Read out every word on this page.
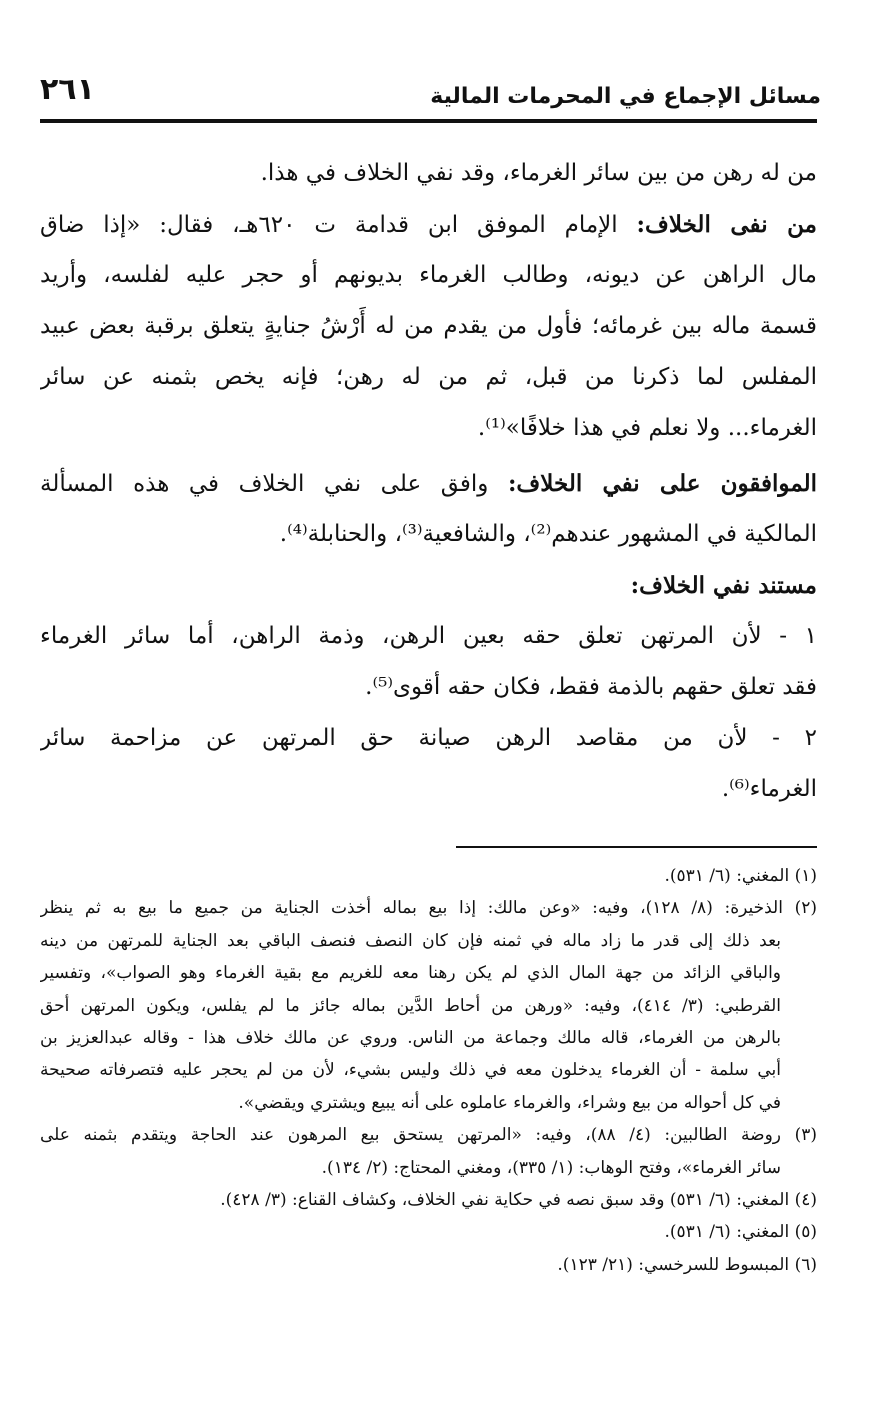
مسائل الإجماع في المحرمات المالية
٢٦١
من له رهن من بين سائر الغرماء، وقد نفي الخلاف في هذا.
من نفى الخلاف: الإمام الموفق ابن قدامة ت ٦٢٠هـ، فقال: «إذا ضاق
مال الراهن عن ديونه، وطالب الغرماء بديونهم أو حجر عليه لفلسه، وأريد
قسمة ماله بين غرمائه؛ فأول من يقدم من له أَرْشُ جنايةٍ يتعلق برقبة بعض عبيد
المفلس لما ذكرنا من قبل، ثم من له رهن؛ فإنه يخص بثمنه عن سائر
الغرماء... ولا نعلم في هذا خلافًا»⁽¹⁾.
الموافقون على نفي الخلاف: وافق على نفي الخلاف في هذه المسألة
المالكية في المشهور عندهم⁽²⁾، والشافعية⁽³⁾، والحنابلة⁽⁴⁾.
مستند نفي الخلاف:
١ - لأن المرتهن تعلق حقه بعين الرهن، وذمة الراهن، أما سائر الغرماء
فقد تعلق حقهم بالذمة فقط، فكان حقه أقوى⁽⁵⁾.
٢ - لأن من مقاصد الرهن صيانة حق المرتهن عن مزاحمة سائر
الغرماء⁽⁶⁾.
(١) المغني: (٦/ ٥٣١).
(٢) الذخيرة: (٨/ ١٢٨)، وفيه: «وعن مالك: إذا بيع بماله أخذت الجناية من جميع ما بيع به ثم ينظر
بعد ذلك إلى قدر ما زاد ماله في ثمنه فإن كان النصف فنصف الباقي بعد الجناية للمرتهن من دينه
والباقي الزائد من جهة المال الذي لم يكن رهنا معه للغريم مع بقية الغرماء وهو الصواب»، وتفسير
القرطبي: (٣/ ٤١٤)، وفيه: «ورهن من أحاط الدَّين بماله جائز ما لم يفلس، ويكون المرتهن أحق
بالرهن من الغرماء، قاله مالك وجماعة من الناس. وروي عن مالك خلاف هذا - وقاله عبدالعزيز بن
أبي سلمة - أن الغرماء يدخلون معه في ذلك وليس بشيء، لأن من لم يحجر عليه فتصرفاته صحيحة
في كل أحواله من بيع وشراء، والغرماء عاملوه على أنه يبيع ويشتري ويقضي».
(٣) روضة الطالبين: (٤/ ٨٨)، وفيه: «المرتهن يستحق بيع المرهون عند الحاجة ويتقدم بثمنه على
سائر الغرماء»، وفتح الوهاب: (١/ ٣٣٥)، ومغني المحتاج: (٢/ ١٣٤).
(٤) المغني: (٦/ ٥٣١) وقد سبق نصه في حكاية نفي الخلاف، وكشاف القناع: (٣/ ٤٢٨).
(٥) المغني: (٦/ ٥٣١).
(٦) المبسوط للسرخسي: (٢١/ ١٢٣).
